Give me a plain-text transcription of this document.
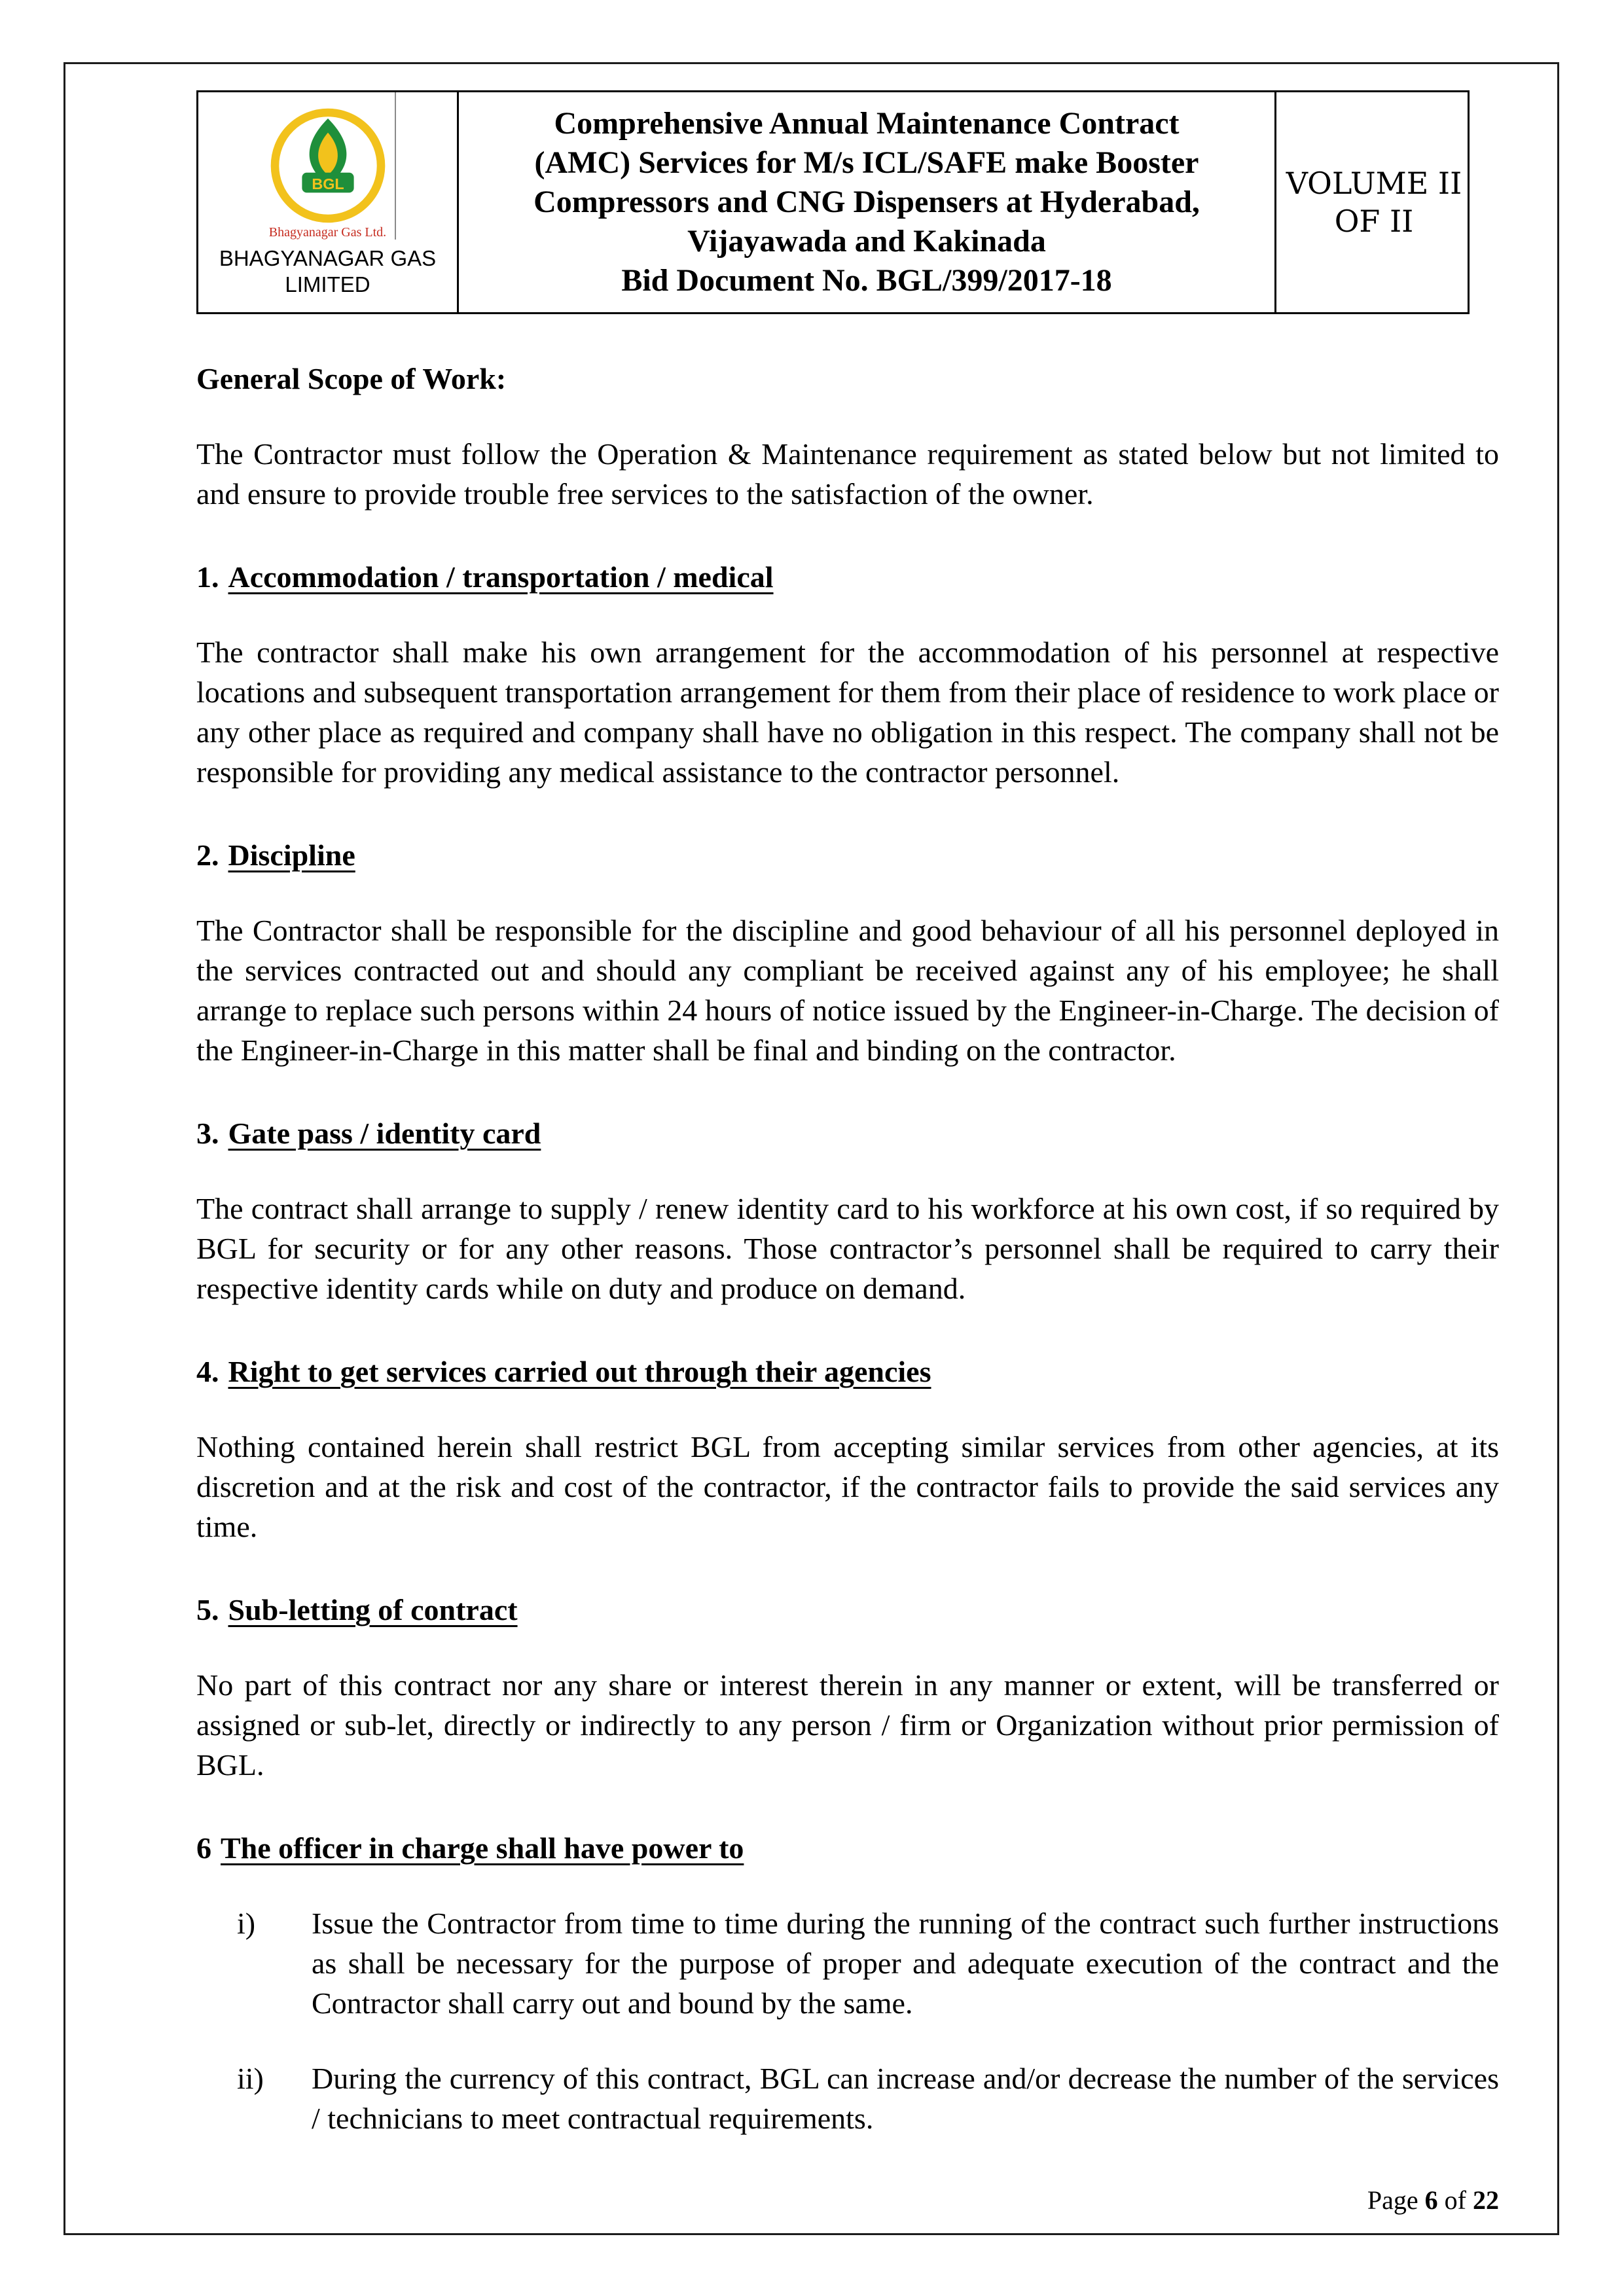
BGL
Bhagyanagar Gas Ltd.
BHAGYANAGAR GAS
LIMITED
Comprehensive Annual Maintenance Contract
(AMC) Services for M/s ICL/SAFE make Booster
Compressors and CNG Dispensers at Hyderabad,
Vijayawada and Kakinada
Bid Document No. BGL/399/2017-18
VOLUME II
OF II
General Scope of Work:
The Contractor must follow the Operation & Maintenance requirement as stated below but not limited to and ensure to provide trouble free services to the satisfaction of the owner.
1. Accommodation / transportation / medical
The contractor shall make his own arrangement for the accommodation of his personnel at respective locations and subsequent transportation arrangement for them from their place of residence to work place or any other place as required and company shall have no obligation in this respect. The company shall not be responsible for providing any medical assistance to the contractor personnel.
2. Discipline
The Contractor shall be responsible for the discipline and good behaviour of all his personnel deployed in the services contracted out and should any compliant be received against any of his employee; he shall arrange to replace such persons within 24 hours of notice issued by the Engineer-in-Charge. The decision of the Engineer-in-Charge in this matter shall be final and binding on the contractor.
3. Gate pass / identity card
The contract shall arrange to supply / renew identity card to his workforce at his own cost, if so required by BGL for security or for any other reasons. Those contractor’s personnel shall be required to carry their respective identity cards while on duty and produce on demand.
4. Right to get services carried out through their agencies
Nothing contained herein shall restrict BGL from accepting similar services from other agencies, at its discretion and at the risk and cost of the contractor, if the contractor fails to provide the said services any time.
5. Sub-letting of contract
No part of this contract nor any share or interest therein in any manner or extent, will be transferred or assigned or sub-let, directly or indirectly to any person / firm or Organization without prior permission of BGL.
6 The officer in charge shall have power to
i)	Issue the Contractor from time to time during the running of the contract such further instructions as shall be necessary for the purpose of proper and adequate execution of the contract and the Contractor shall carry out and bound by the same.
ii)	During the currency of this contract, BGL can increase and/or decrease the number of the services / technicians to meet contractual requirements.
Page 6 of 22
